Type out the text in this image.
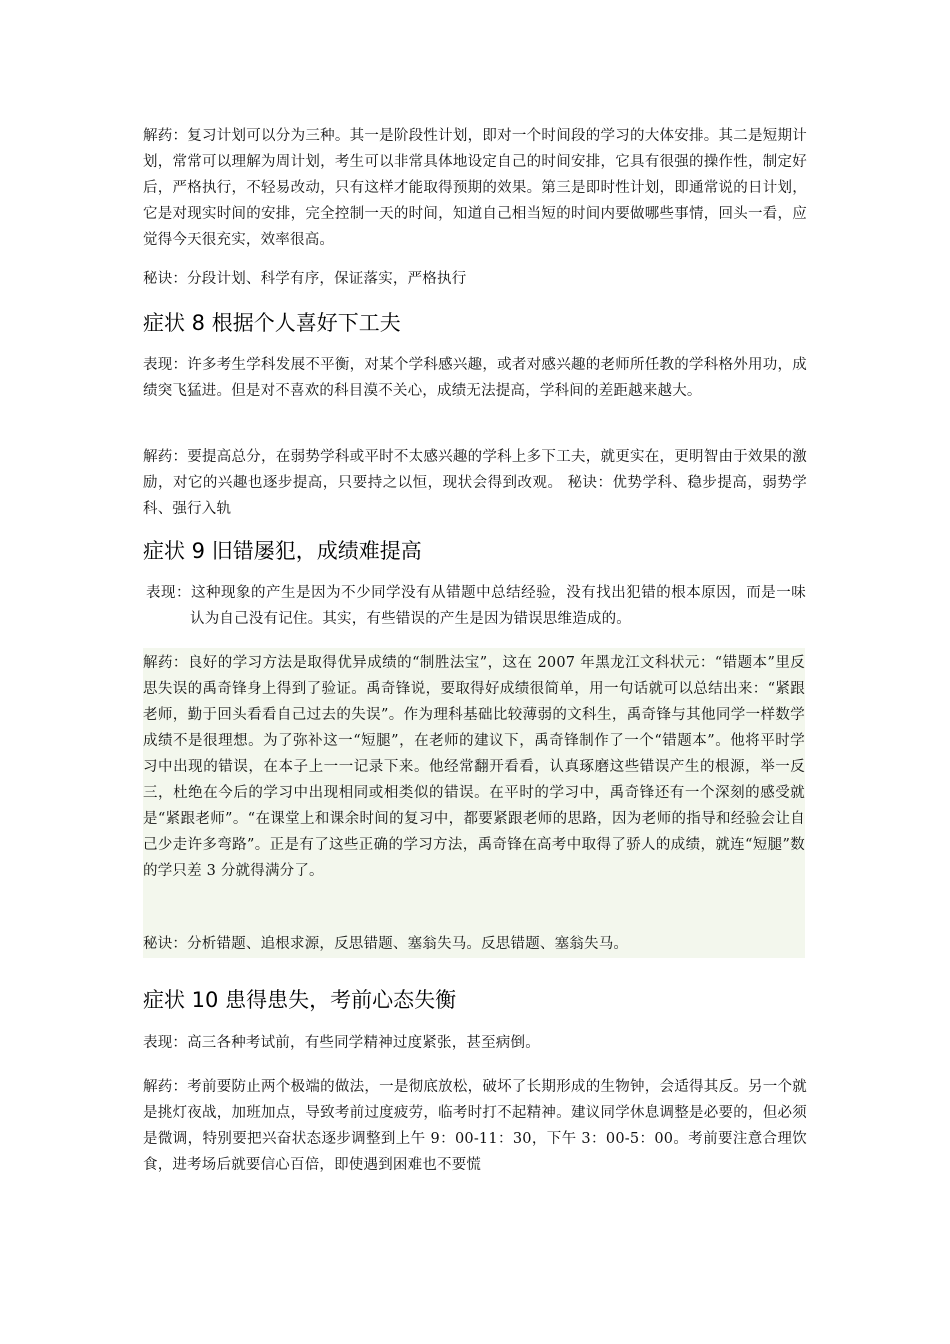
解药：复习计划可以分为三种。其一是阶段性计划，即对一个时间段的学习的大体安排。其二是短期计划，常常可以理解为周计划，考生可以非常具体地设定自己的时间安排，它具有很强的操作性，制定好后，严格执行，不轻易改动，只有这样才能取得预期的效果。第三是即时性计划，即通常说的日计划，它是对现实时间的安排，完全控制一天的时间，知道自己相当短的时间内要做哪些事情，回头一看，应觉得今天很充实，效率很高。

秘诀：分段计划、科学有序，保证落实，严格执行

症状 8 根据个人喜好下工夫

表现：许多考生学科发展不平衡，对某个学科感兴趣，或者对感兴趣的老师所任教的学科格外用功，成绩突飞猛进。但是对不喜欢的科目漠不关心，成绩无法提高，学科间的差距越来越大。

解药：要提高总分，在弱势学科或平时不太感兴趣的学科上多下工夫，就更实在，更明智由于效果的激励，对它的兴趣也逐步提高，只要持之以恒，现状会得到改观。 秘诀：优势学科、稳步提高，弱势学科、强行入轨

症状 9 旧错屡犯，成绩难提高

表现：这种现象的产生是因为不少同学没有从错题中总结经验，没有找出犯错的根本原因，而是一味认为自己没有记住。其实，有些错误的产生是因为错误思维造成的。

解药：良好的学习方法是取得优异成绩的“制胜法宝”，这在 2007 年黑龙江文科状元：“错题本”里反思失误的禹奇锋身上得到了验证。禹奇锋说，要取得好成绩很简单，用一句话就可以总结出来：“紧跟老师，勤于回头看看自己过去的失误”。作为理科基础比较薄弱的文科生，禹奇锋与其他同学一样数学成绩不是很理想。为了弥补这一“短腿”，在老师的建议下，禹奇锋制作了一个“错题本”。他将平时学习中出现的错误，在本子上一一记录下来。他经常翻开看看，认真琢磨这些错误产生的根源，举一反三，杜绝在今后的学习中出现相同或相类似的错误。在平时的学习中，禹奇锋还有一个深刻的感受就是“紧跟老师”。“在课堂上和课余时间的复习中，都要紧跟老师的思路，因为老师的指导和经验会让自己少走许多弯路”。正是有了这些正确的学习方法，禹奇锋在高考中取得了骄人的成绩，就连“短腿”数的学只差 3 分就得满分了。

秘诀：分析错题、追根求源，反思错题、塞翁失马。反思错题、塞翁失马。

症状 10 患得患失，考前心态失衡

表现：高三各种考试前，有些同学精神过度紧张，甚至病倒。

解药：考前要防止两个极端的做法，一是彻底放松，破坏了长期形成的生物钟，会适得其反。另一个就是挑灯夜战，加班加点，导致考前过度疲劳，临考时打不起精神。建议同学休息调整是必要的，但必须是微调，特别要把兴奋状态逐步调整到上午 9：00-11：30，下午 3：00-5：00。考前要注意合理饮食，进考场后就要信心百倍，即使遇到困难也不要慌
